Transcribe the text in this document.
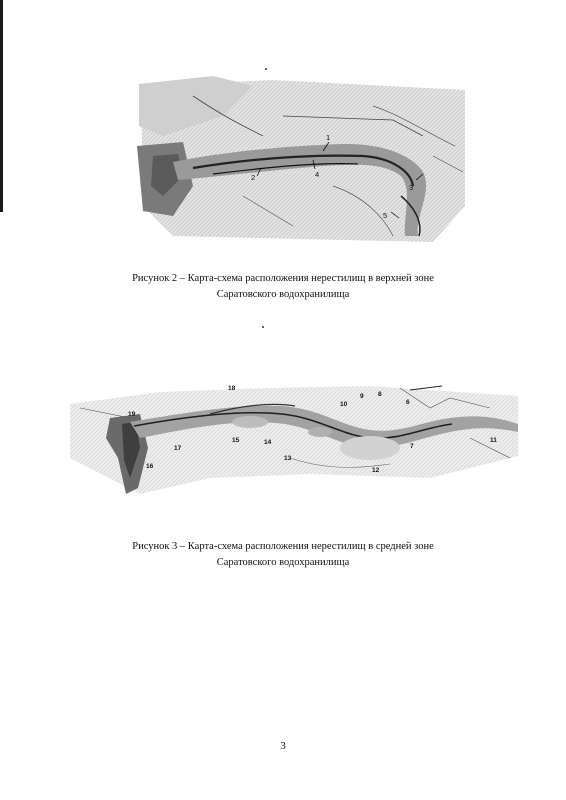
1
2
3
4
5
Рисунок 2 – Карта-схема расположения нерестилищ в верхней зоне
Саратовского водохранилища
6
7
8
9
10
11
12
13
14
15
16
17
18
19
Рисунок 3 – Карта-схема расположения нерестилищ в средней зоне
Саратовского водохранилища
3
